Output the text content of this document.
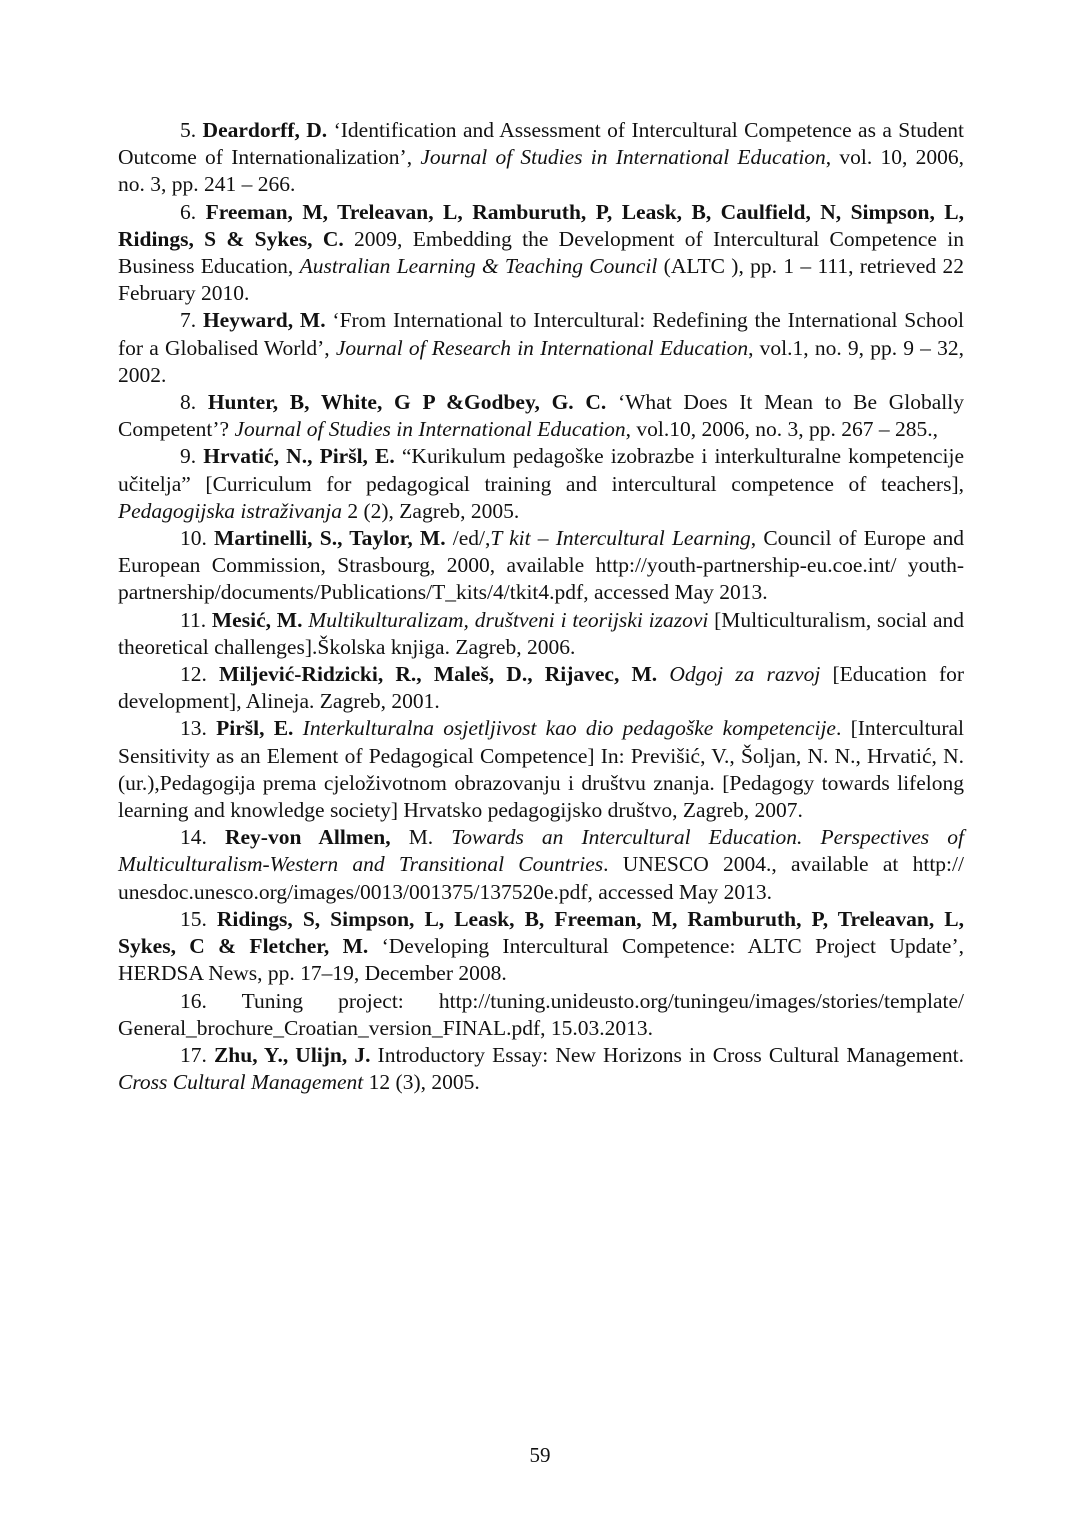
5. Deardorff, D. ‘Identification and Assessment of Intercultural Competence as a Student Outcome of Internationalization’, Journal of Studies in International Education, vol. 10, 2006, no. 3, pp. 241 – 266.

6. Freeman, M, Treleavan, L, Ramburuth, P, Leask, B, Caulfield, N, Simpson, L, Ridings, S & Sykes, C. 2009, Embedding the Development of Intercultural Competence in Business Education, Australian Learning & Teaching Council (ALTC ), pp. 1 – 111, retrieved 22 February 2010.

7. Heyward, M. ‘From International to Intercultural: Redefining the International School for a Globalised World’, Journal of Research in International Education, vol.1, no. 9, pp. 9 – 32, 2002.

8. Hunter, B, White, G P &Godbey, G. C. ‘What Does It Mean to Be Globally Competent’? Journal of Studies in International Education, vol.10, 2006, no. 3, pp. 267 – 285.,

9. Hrvatić, N., Piršl, E. “Kurikulum pedagoške izobrazbe i interkulturalne kompetencije učitelja” [Curriculum for pedagogical training and intercultural competence of teachers], Pedagogijska istraživanja 2 (2), Zagreb, 2005.

10. Martinelli, S., Taylor, M. /ed/,T kit – Intercultural Learning, Council of Europe and European Commission, Strasbourg, 2000, available http://youth-partnership-eu.coe.int/ youth-partnership/documents/Publications/T_kits/4/tkit4.pdf, accessed May 2013.

11. Mesić, M. Multikulturalizam, društveni i teorijski izazovi [Multiculturalism, social and theoretical challenges].Školska knjiga. Zagreb, 2006.

12. Miljević-Ridzicki, R., Maleš, D., Rijavec, M. Odgoj za razvoj [Education for development], Alineja. Zagreb, 2001.

13. Piršl, E. Interkulturalna osjetljivost kao dio pedagoške kompetencije. [Intercultural Sensitivity as an Element of Pedagogical Competence] In: Previšić, V., Šoljan, N. N., Hrvatić, N. (ur.),Pedagogija prema cjeloživotnom obrazovanju i društvu znanja. [Pedagogy towards lifelong learning and knowledge society] Hrvatsko pedagogijsko društvo, Zagreb, 2007.

14. Rey-von Allmen, M. Towards an Intercultural Education. Perspectives of Multiculturalism-Western and Transitional Countries. UNESCO 2004., available at http:// unesdoc.unesco.org/images/0013/001375/137520e.pdf, accessed May 2013.

15. Ridings, S, Simpson, L, Leask, B, Freeman, M, Ramburuth, P, Treleavan, L, Sykes, C & Fletcher, M. ‘Developing Intercultural Competence: ALTC Project Update’, HERDSA News, pp. 17–19, December 2008.

16. Tuning project: http://tuning.unideusto.org/tuningeu/images/stories/template/ General_brochure_Croatian_version_FINAL.pdf, 15.03.2013.

17. Zhu, Y., Ulijn, J. Introductory Essay: New Horizons in Cross Cultural Management. Cross Cultural Management 12 (3), 2005.

59
